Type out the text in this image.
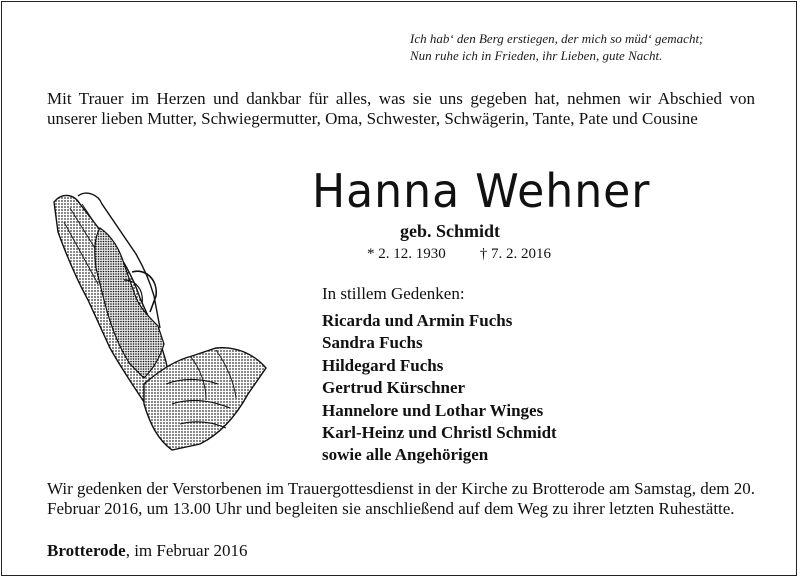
Ich hab‘ den Berg erstiegen, der mich so müd‘ gemacht;
Nun ruhe ich in Frieden, ihr Lieben, gute Nacht.
Mit Trauer im Herzen und dankbar für alles, was sie uns gegeben hat, nehmen wir Abschied von unserer lieben Mutter, Schwiegermutter, Oma, Schwester, Schwägerin, Tante, Pate und Cousine
Hanna Wehner
geb. Schmidt
* 2. 12. 1930 † 7. 2. 2016
In stillem Gedenken:
Ricarda und Armin Fuchs
Sandra Fuchs
Hildegard Fuchs
Gertrud Kürschner
Hannelore und Lothar Winges
Karl-Heinz und Christl Schmidt
sowie alle Angehörigen
Wir gedenken der Verstorbenen im Trauergottesdienst in der Kirche zu Brotterode am Samstag, dem 20. Februar 2016, um 13.00 Uhr und begleiten sie anschließend auf dem Weg zu ihrer letzten Ruhestätte.
Brotterode, im Februar 2016
